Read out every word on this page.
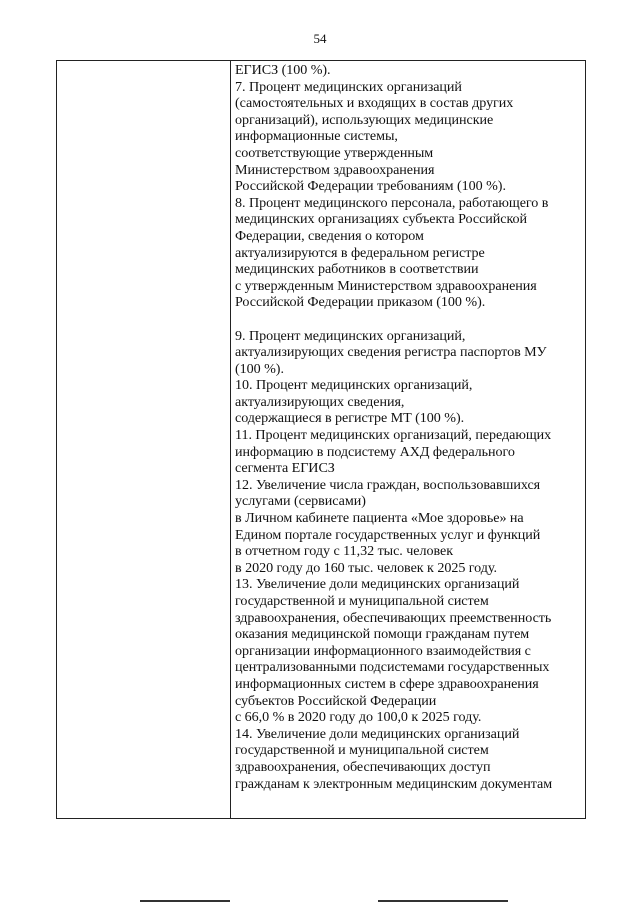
54
ЕГИСЗ (100 %).
7. Процент медицинских организаций
(самостоятельных и входящих в состав других
организаций), использующих медицинские
информационные системы,
соответствующие утвержденным
Министерством здравоохранения
Российской Федерации требованиям (100 %).
8. Процент медицинского персонала, работающего в
медицинских организациях субъекта Российской
Федерации, сведения о котором
актуализируются в федеральном регистре
медицинских работников в соответствии
с утвержденным Министерством здравоохранения
Российской Федерации приказом (100 %).
9. Процент медицинских организаций,
актуализирующих сведения регистра паспортов МУ
(100 %).
10. Процент медицинских организаций,
актуализирующих сведения,
содержащиеся в регистре МТ (100 %).
11. Процент медицинских организаций, передающих
информацию в подсистему АХД федерального
сегмента ЕГИСЗ
12. Увеличение числа граждан, воспользовавшихся
услугами (сервисами)
в Личном кабинете пациента «Мое здоровье» на
Едином портале государственных услуг и функций
в отчетном году с 11,32 тыс. человек
в 2020 году до 160 тыс. человек к 2025 году.
13. Увеличение доли медицинских организаций
государственной и муниципальной систем
здравоохранения, обеспечивающих преемственность
оказания медицинской помощи гражданам путем
организации информационного взаимодействия с
централизованными подсистемами государственных
информационных систем в сфере здравоохранения
субъектов Российской Федерации
с 66,0 % в 2020 году до 100,0 к 2025 году.
14. Увеличение доли медицинских организаций
государственной и муниципальной систем
здравоохранения, обеспечивающих доступ
гражданам к электронным медицинским документам
